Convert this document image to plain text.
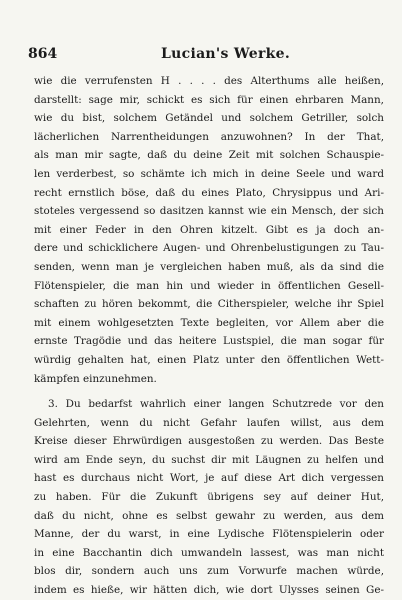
864	Lucian's Werke.
wie die verrufensten H . . . . des Alterthums alle heißen,
darstellt: sage mir, schickt es sich für einen ehrbaren Mann,
wie du bist, solchem Getändel und solchem Getriller, solch
lächerlichen Narrentheidungen anzuwohnen? In der That,
als man mir sagte, daß du deine Zeit mit solchen Schauspie-
len verderbest, so schämte ich mich in deine Seele und ward
recht ernstlich böse, daß du eines Plato, Chrysippus und Ari-
stoteles vergessend so dasitzen kannst wie ein Mensch, der sich
mit einer Feder in den Ohren kitzelt. Gibt es ja doch an-
dere und schicklichere Augen- und Ohrenbelustigungen zu Tau-
senden, wenn man je vergleichen haben muß, als da sind die
Flötenspieler, die man hin und wieder in öffentlichen Gesell-
schaften zu hören bekommt, die Citherspieler, welche ihr Spiel
mit einem wohlgesetzten Texte begleiten, vor Allem aber die
ernste Tragödie und das heitere Lustspiel, die man sogar für
würdig gehalten hat, einen Platz unter den öffentlichen Wett-
kämpfen einzunehmen.
3. Du bedarfst wahrlich einer langen Schutzrede vor den
Gelehrten, wenn du nicht Gefahr laufen willst, aus dem
Kreise dieser Ehrwürdigen ausgestoßen zu werden. Das Beste
wird am Ende seyn, du suchst dir mit Läugnen zu helfen und
hast es durchaus nicht Wort, je auf diese Art dich vergessen
zu haben. Für die Zukunft übrigens sey auf deiner Hut,
daß du nicht, ohne es selbst gewahr zu werden, aus dem
Manne, der du warst, in eine Lydische Flötenspielerin oder
in eine Bacchantin dich umwandeln lassest, was man nicht
blos dir, sondern auch uns zum Vorwurfe machen würde,
indem es hieße, wir hätten dich, wie dort Ulysses seinen Ge-
